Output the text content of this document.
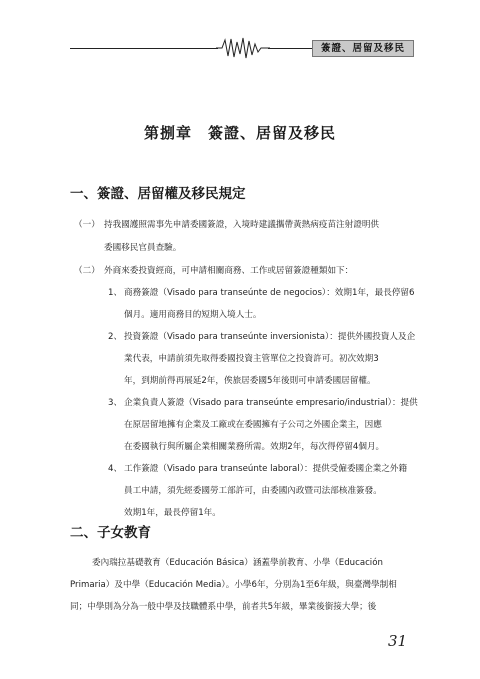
簽證、居留及移民
第捌章 簽證、居留及移民
一、簽證、居留權及移民規定
（一） 持我國護照需事先申請委國簽證，入境時建議攜帶黃熱病疫苗注射證明供
委國移民官員查驗。
（二） 外商來委投資經商，可申請相關商務、工作或居留簽證種類如下：
1、 商務簽證（Visado para transeúnte de negocios）：效期1年，最長停留6
個月。適用商務目的短期入境人士。
2、 投資簽證（Visado para transeúnte inversionista）：提供外國投資人及企
業代表，申請前須先取得委國投資主管單位之投資許可。初次效期3
年，到期前得再展延2年，俟旅居委國5年後則可申請委國居留權。
3、 企業負責人簽證（Visado para transeúnte empresario/industrial）：提供
在原居留地擁有企業及工廠或在委國擁有子公司之外國企業主，因應
在委國執行與所屬企業相關業務所需。效期2年，每次得停留4個月。
4、 工作簽證（Visado para transeúnte laboral）：提供受僱委國企業之外籍
員工申請，須先經委國勞工部許可，由委國內政暨司法部核准簽發。
效期1年，最長停留1年。
二、子女教育
委內瑞拉基礎教育（Educación Básica）涵蓋學前教育、小學（Educación
Primaria）及中學（Educación Media）。小學6年，分別為1至6年級，與臺灣學制相
同；中學則為分為一般中學及技職體系中學，前者共5年級，畢業後銜接大學；後
31
